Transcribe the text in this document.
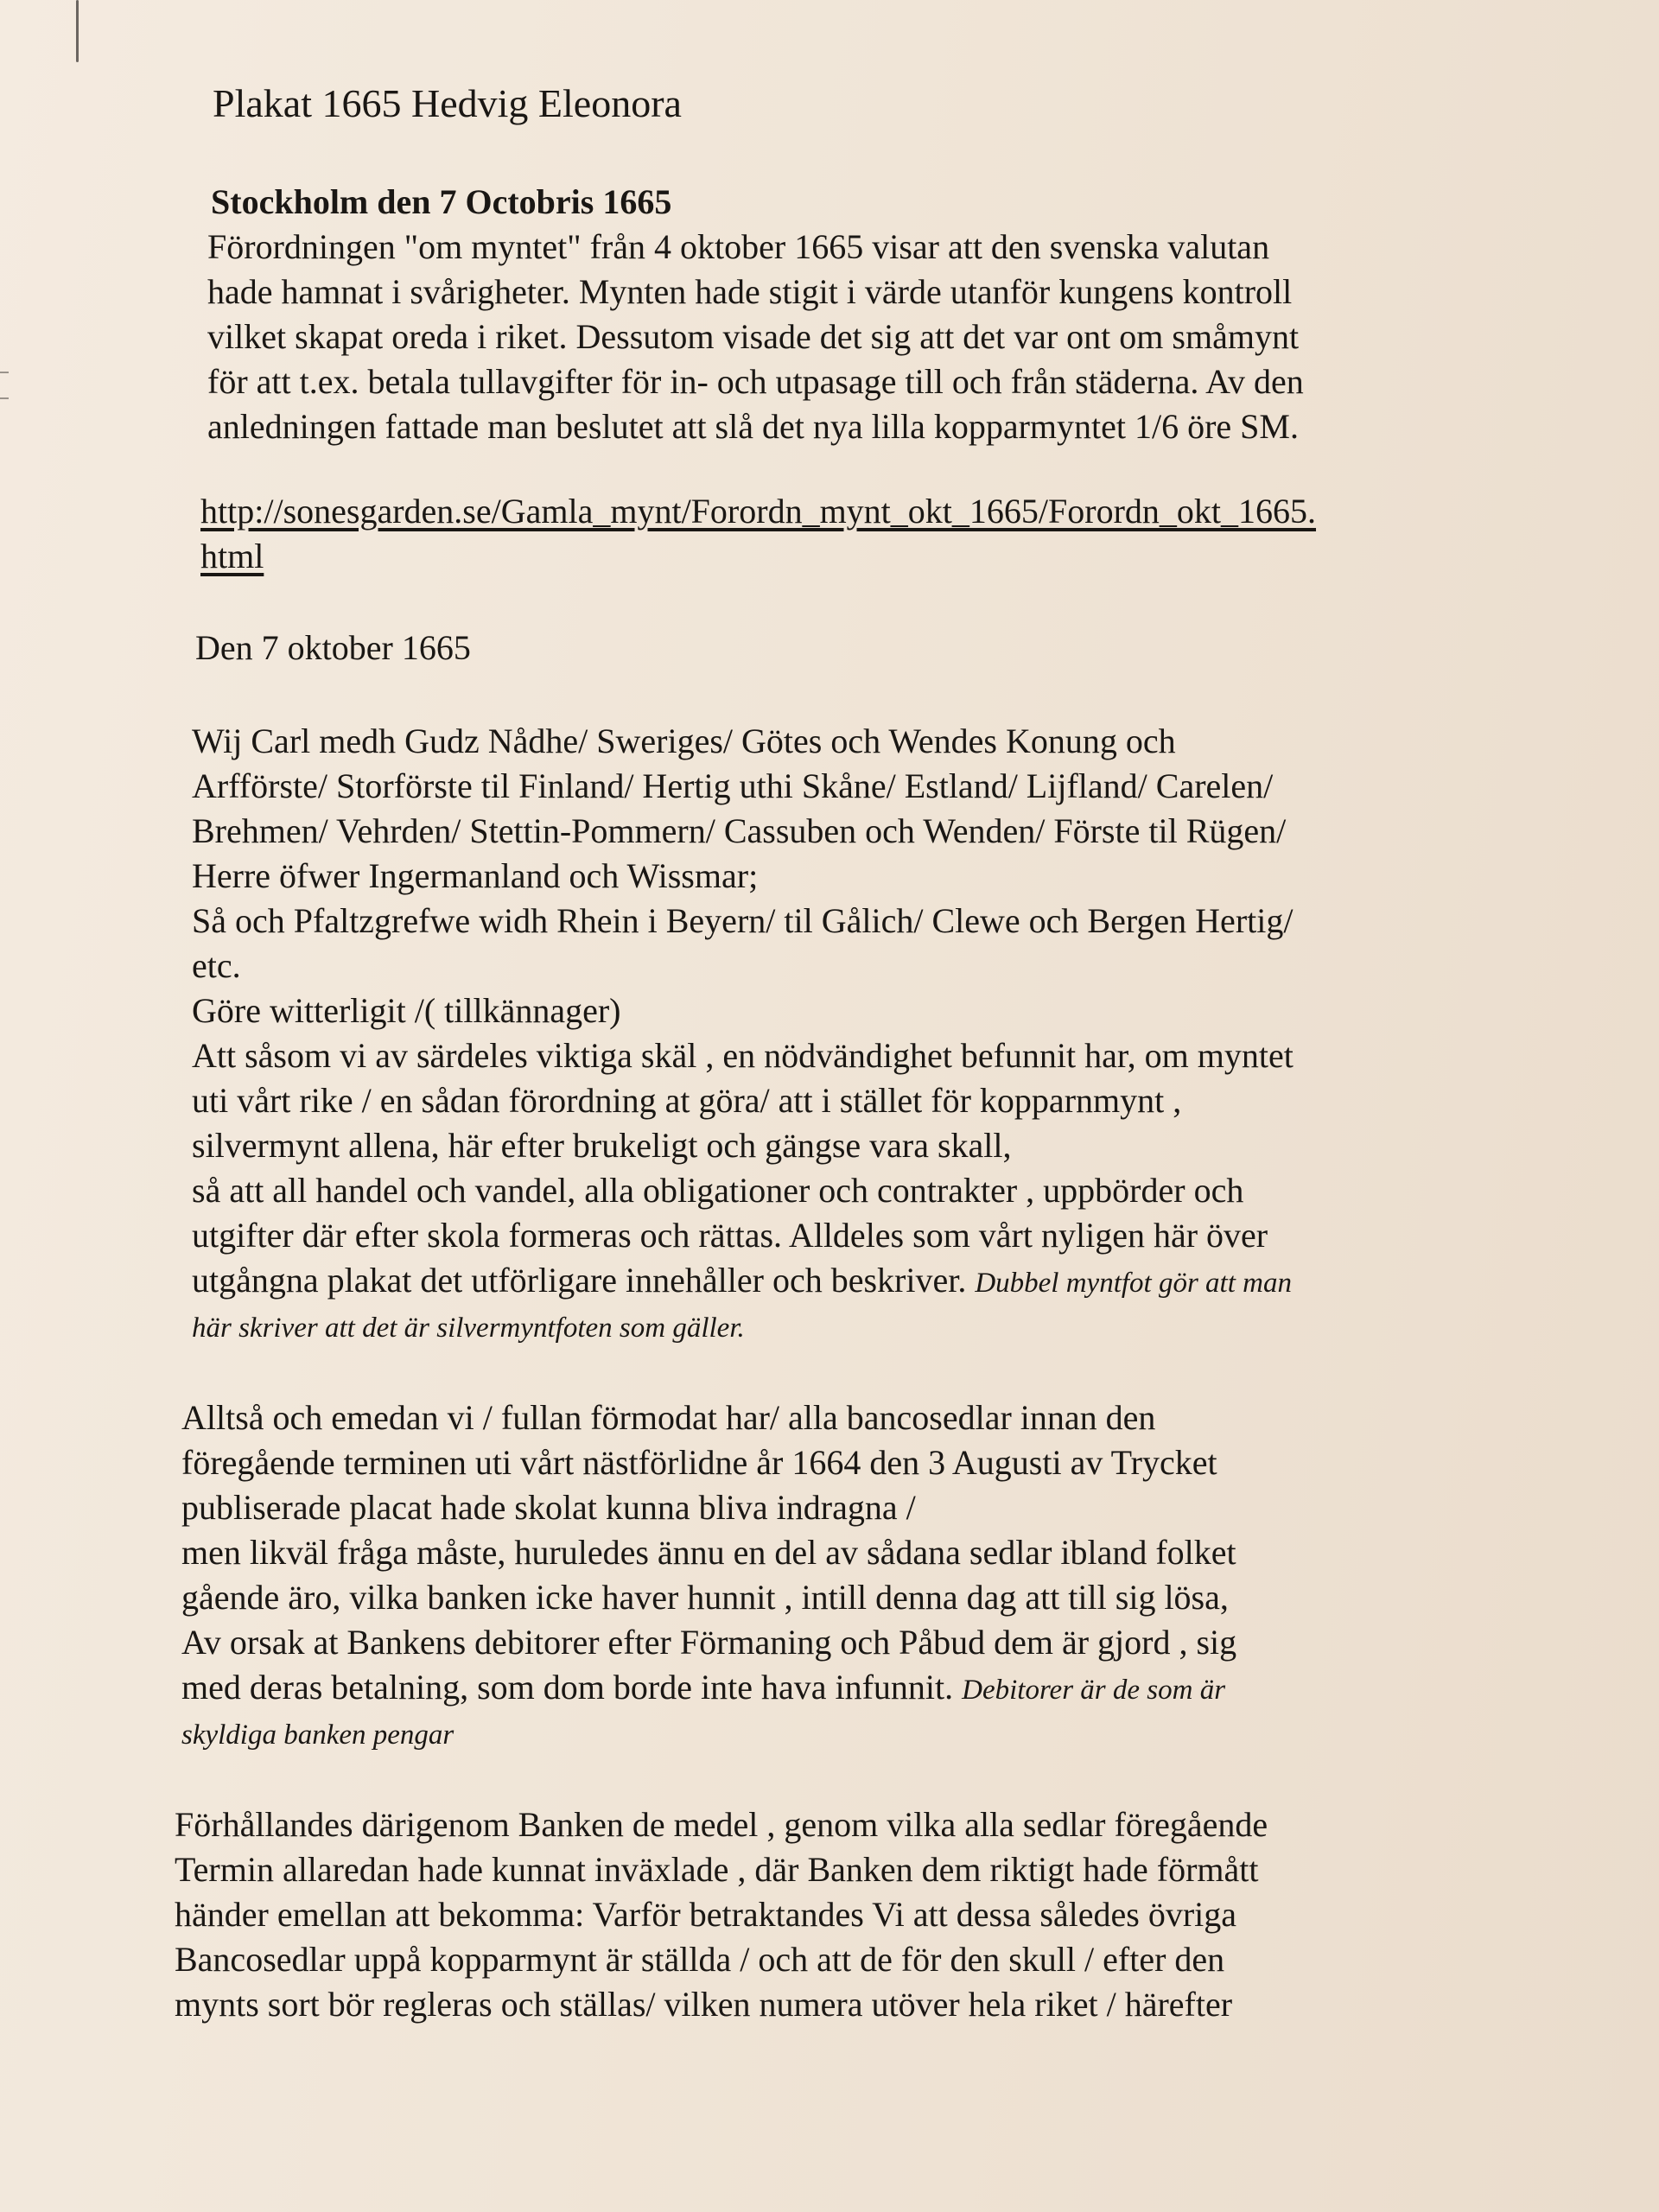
Plakat 1665 Hedvig Eleonora
Stockholm den 7 Octobris 1665
Förordningen "om myntet" från 4 oktober 1665 visar att den svenska valutan
hade hamnat i svårigheter. Mynten hade stigit i värde utanför kungens kontroll
vilket skapat oreda i riket. Dessutom visade det sig att det var ont om småmynt
för att t.ex. betala tullavgifter för in- och utpasage till och från städerna. Av den
anledningen fattade man beslutet att slå det nya lilla kopparmyntet 1/6 öre SM.
http://sonesgarden.se/Gamla_mynt/Forordn_mynt_okt_1665/Forordn_okt_1665.
html
Den 7 oktober 1665
Wij Carl medh Gudz Nådhe/ Sweriges/ Götes och Wendes Konung och
Arfförste/ Storförste til Finland/ Hertig uthi Skåne/ Estland/ Lijfland/ Carelen/
Brehmen/ Vehrden/ Stettin-Pommern/ Cassuben och Wenden/ Förste til Rügen/
Herre öfwer Ingermanland och Wissmar;
Så och Pfaltzgrefwe widh Rhein i Beyern/ til Gålich/ Clewe och Bergen Hertig/
etc.
Göre witterligit /( tillkännager)
Att såsom vi av särdeles viktiga skäl , en nödvändighet befunnit har, om myntet
uti vårt rike / en sådan förordning at göra/ att i stället för kopparnmynt ,
silvermynt allena, här efter brukeligt och gängse vara skall,
så att all handel och vandel, alla obligationer och contrakter , uppbörder och
utgifter där efter skola formeras och rättas. Alldeles som vårt nyligen här över
utgångna plakat det utförligare innehåller och beskriver. Dubbel myntfot gör att man
här skriver att det är silvermyntfoten som gäller.
Alltså och emedan vi / fullan förmodat har/ alla bancosedlar innan den
föregående terminen uti vårt nästförlidne år 1664 den 3 Augusti av Trycket
publiserade placat hade skolat kunna bliva indragna /
men likväl fråga måste, huruledes ännu en del av sådana sedlar ibland folket
gående äro, vilka banken icke haver hunnit , intill denna dag att till sig lösa,
Av orsak at Bankens debitorer efter Förmaning och Påbud dem är gjord , sig
med deras betalning, som dom borde inte hava infunnit. Debitorer är de som är
skyldiga banken pengar
Förhållandes därigenom Banken de medel , genom vilka alla sedlar föregående
Termin allaredan hade kunnat inväxlade , där Banken dem riktigt hade förmått
händer emellan att bekomma: Varför betraktandes Vi att dessa således övriga
Bancosedlar uppå kopparmynt är ställda / och att de för den skull / efter den
mynts sort bör regleras och ställas/ vilken numera utöver hela riket / härefter
